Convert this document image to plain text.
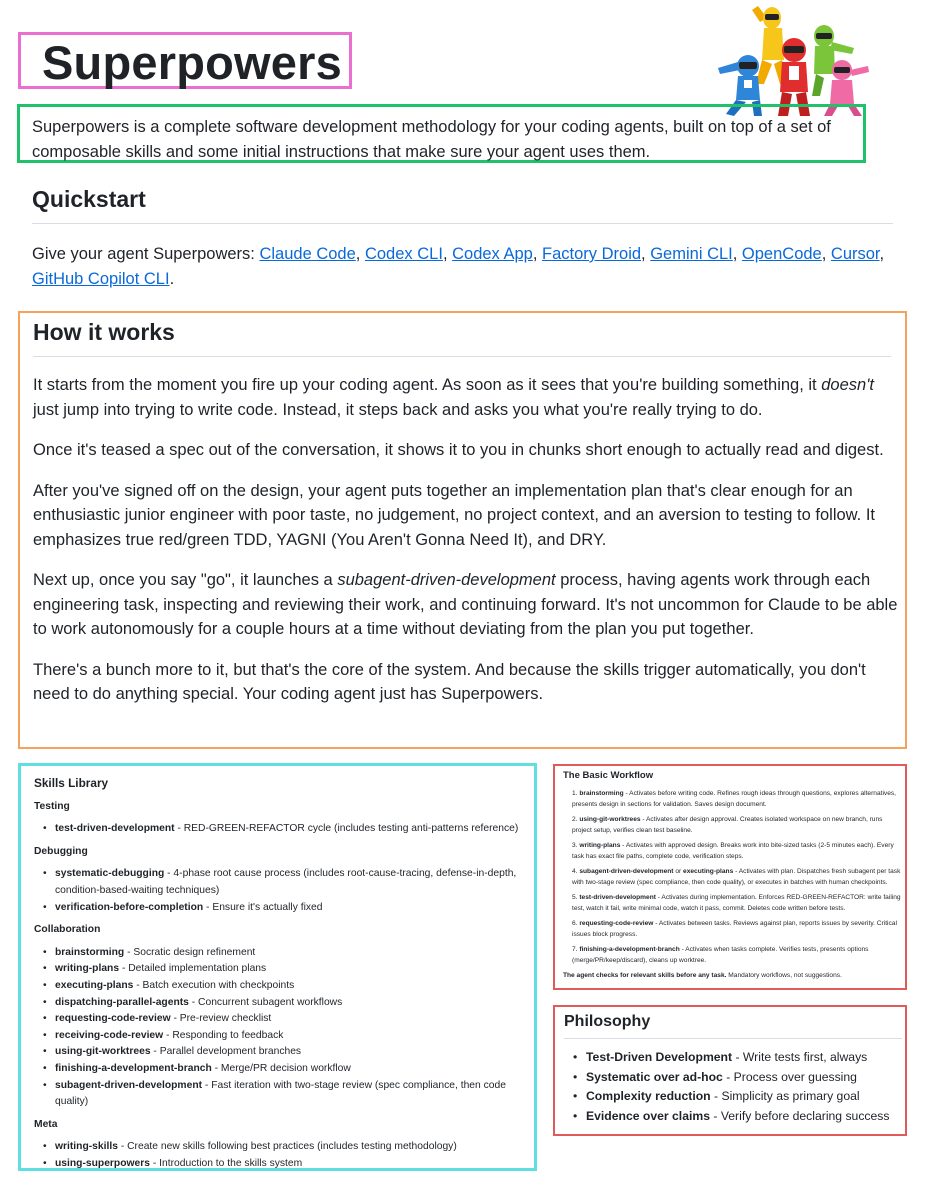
Superpowers

Superpowers is a complete software development methodology for your coding agents, built on top of a set of composable skills and some initial instructions that make sure your agent uses them.

Quickstart

Give your agent Superpowers: Claude Code, Codex CLI, Codex App, Factory Droid, Gemini CLI, OpenCode, Cursor, GitHub Copilot CLI.

How it works

It starts from the moment you fire up your coding agent. As soon as it sees that you're building something, it doesn't just jump into trying to write code. Instead, it steps back and asks you what you're really trying to do.

Once it's teased a spec out of the conversation, it shows it to you in chunks short enough to actually read and digest.

After you've signed off on the design, your agent puts together an implementation plan that's clear enough for an enthusiastic junior engineer with poor taste, no judgement, no project context, and an aversion to testing to follow. It emphasizes true red/green TDD, YAGNI (You Aren't Gonna Need It), and DRY.

Next up, once you say "go", it launches a subagent-driven-development process, having agents work through each engineering task, inspecting and reviewing their work, and continuing forward. It's not uncommon for Claude to be able to work autonomously for a couple hours at a time without deviating from the plan you put together.

There's a bunch more to it, but that's the core of the system. And because the skills trigger automatically, you don't need to do anything special. Your coding agent just has Superpowers.

Skills Library
Testing
• test-driven-development - RED-GREEN-REFACTOR cycle (includes testing anti-patterns reference)
Debugging
• systematic-debugging - 4-phase root cause process (includes root-cause-tracing, defense-in-depth, condition-based-waiting techniques)
• verification-before-completion - Ensure it's actually fixed
Collaboration
• brainstorming - Socratic design refinement
• writing-plans - Detailed implementation plans
• executing-plans - Batch execution with checkpoints
• dispatching-parallel-agents - Concurrent subagent workflows
• requesting-code-review - Pre-review checklist
• receiving-code-review - Responding to feedback
• using-git-worktrees - Parallel development branches
• finishing-a-development-branch - Merge/PR decision workflow
• subagent-driven-development - Fast iteration with two-stage review (spec compliance, then code quality)
Meta
• writing-skills - Create new skills following best practices (includes testing methodology)
• using-superpowers - Introduction to the skills system
The Basic Workflow
1. brainstorming - Activates before writing code. Refines rough ideas through questions, explores alternatives, presents design in sections for validation. Saves design document.
2. using-git-worktrees - Activates after design approval. Creates isolated workspace on new branch, runs project setup, verifies clean test baseline.
3. writing-plans - Activates with approved design. Breaks work into bite-sized tasks (2-5 minutes each). Every task has exact file paths, complete code, verification steps.
4. subagent-driven-development or executing-plans - Activates with plan. Dispatches fresh subagent per task with two-stage review (spec compliance, then code quality), or executes in batches with human checkpoints.
5. test-driven-development - Activates during implementation. Enforces RED-GREEN-REFACTOR: write failing test, watch it fail, write minimal code, watch it pass, commit. Deletes code written before tests.
6. requesting-code-review - Activates between tasks. Reviews against plan, reports issues by severity. Critical issues block progress.
7. finishing-a-development-branch - Activates when tasks complete. Verifies tests, presents options (merge/PR/keep/discard), cleans up worktree.

The agent checks for relevant skills before any task. Mandatory workflows, not suggestions.

Philosophy
• Test-Driven Development - Write tests first, always
• Systematic over ad-hoc - Process over guessing
• Complexity reduction - Simplicity as primary goal
• Evidence over claims - Verify before declaring success
